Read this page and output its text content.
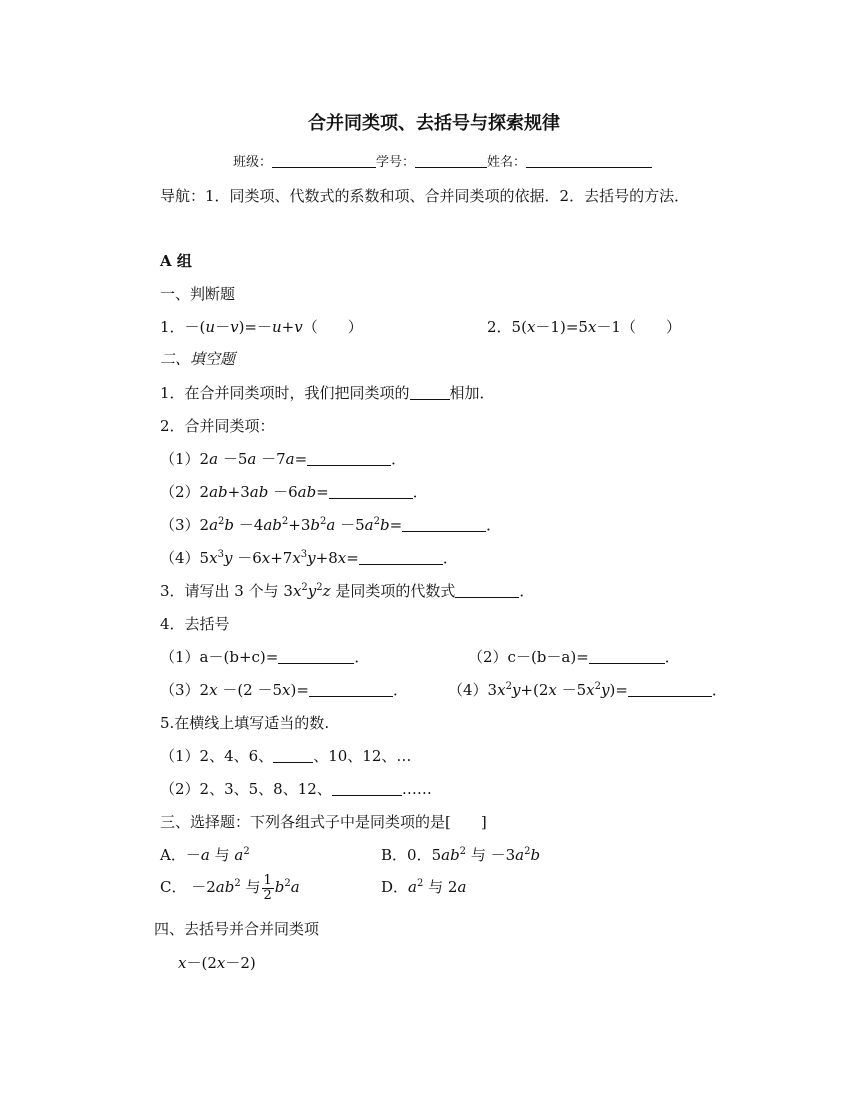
合并同类项、去括号与探索规律
班级：	学号：	姓名：
导航：1．同类项、代数式的系数和项、合并同类项的依据．2．去括号的方法．
A 组
一、判断题
1．－(u－v)=－u+v（　　）	2．5(x－1)=5x－1（　　）
二、填空题
1．在合并同类项时，我们把同类项的	相加．
2．合并同类项：
（1）2a －5a －7a=	．
（2）2ab+3ab －6ab=	．
$(3)2a^2b -4ab^2+3b^2a -5a^2b=$	．
$(4)5x^3y -6x+7x^3y+8x=$	．
3．请写出 3 个与 $3x^2y^2z$ 是同类项的代数式	．
4．去括号
（1）a－(b+c)=	．	（2）c－(b－a)=	．
（3）2x －(2 －5x)=	．	$(4)3x^2y+(2x -5x^2y)=$	．
5.在横线上填写适当的数.
（1）2、4、6、	、10、12、…
（2）2、3、5、8、12、	……
三、选择题：下列各组式子中是同类项的是[　　]
A．－a 与 $a^2$	B．0．$5ab^2$ 与 $-3a^2b$
C． $-2ab^2$ 与 $\frac{1}{2} b^2a$	D．$a^2$ 与 2a
四、去括号并合并同类项
x－(2x－2)
